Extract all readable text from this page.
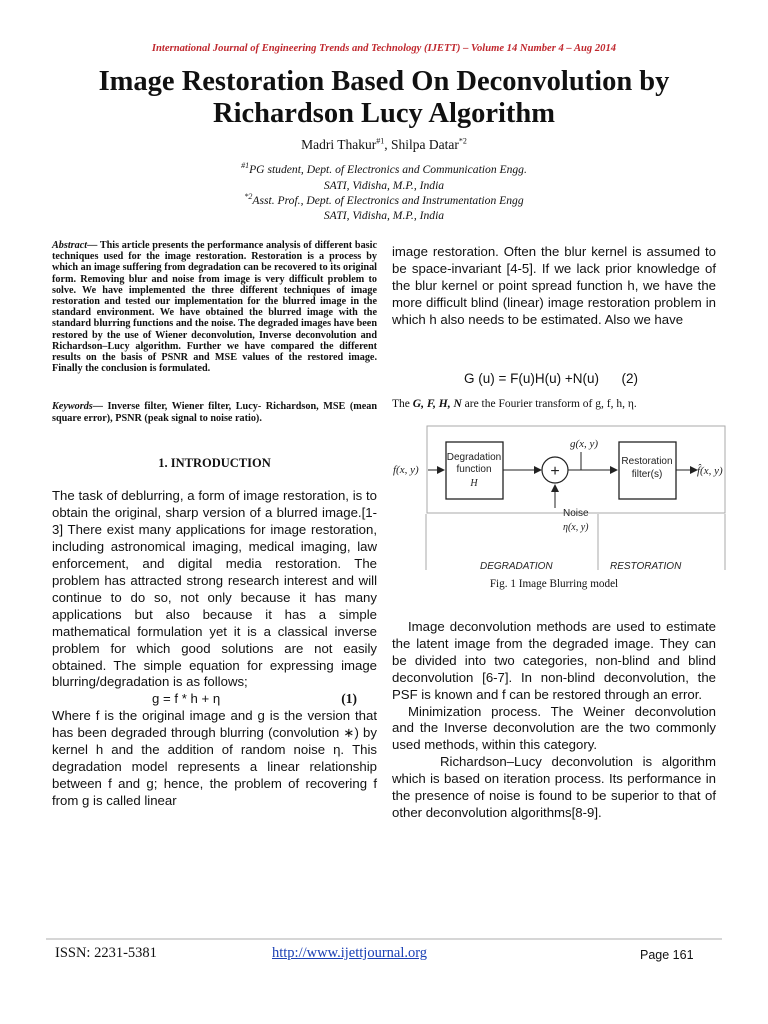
International Journal of Engineering Trends and Technology (IJETT) – Volume 14 Number 4 – Aug 2014
Image Restoration Based On Deconvolution by Richardson Lucy Algorithm
Madri Thakur$^{\#1}$, Shilpa Datar$^{*2}$
$^{\#1}$PG student, Dept. of Electronics and Communication Engg.
SATI, Vidisha, M.P., India
$^{*2}$Asst. Prof., Dept. of Electronics and Instrumentation Engg
SATI, Vidisha, M.P., India

Abstract— This article presents the performance analysis of different basic techniques used for the image restoration. Restoration is a process by which an image suffering from degradation can be recovered to its original form. Removing blur and noise from image is very difficult problem to solve. We have implemented the three different techniques of image restoration and tested our implementation for the blurred image in the standard environment. We have obtained the blurred image with the standard blurring functions and the noise. The degraded images have been restored by the use of Wiener deconvolution, Inverse deconvolution and Richardson–Lucy algorithm. Further we have compared the different results on the basis of PSNR and MSE values of the restored image. Finally the conclusion is formulated.

Keywords— Inverse filter, Wiener filter, Lucy- Richardson, MSE (mean square error), PSNR (peak signal to noise ratio).

1. INTRODUCTION

The task of deblurring, a form of image restoration, is to obtain the original, sharp version of a blurred image.[1-3] There exist many applications for image restoration, including astronomical imaging, medical imaging, law enforcement, and digital media restoration. The problem has attracted strong research interest and will continue to do so, not only because it has many applications but also because it has a simple mathematical formulation yet it is a classical inverse problem for which good solutions are not easily obtained. The simple equation for expressing image blurring/degradation is as follows;

g = f * h + η	(1)

Where f is the original image and g is the version that has been degraded through blurring (convolution ∗) by kernel h and the addition of random noise η. This degradation model represents a linear relationship between f and g; hence, the problem of recovering f from g is called linear

image restoration. Often the blur kernel is assumed to be space-invariant [4-5]. If we lack prior knowledge of the blur kernel or point spread function h, we have the more difficult blind (linear) image restoration problem in which h also needs to be estimated. Also we have

G (u) = F(u)H(u) +N(u) (2)
The G, F, H, N are the Fourier transform of g, f, h, η.
f(x, y)
Degradation
function
H
+
g(x, y)
Noise
η(x, y)
Restoration
filter(s)	f̂(x, y)
DEGRADATION	RESTORATION
Fig. 1 Image Blurring model

Image deconvolution methods are used to estimate the latent image from the degraded image. They can be divided into two categories, non-blind and blind deconvolution [6-7]. In non-blind deconvolution, the PSF is known and f can be restored through an error.

Minimization process. The Weiner deconvolution and the Inverse deconvolution are the two commonly used methods, within this category.

Richardson–Lucy deconvolution is algorithm which is based on iteration process. Its performance in the presence of noise is found to be superior to that of other deconvolution algorithms[8-9].

ISSN: 2231-5381	http://www.ijettjournal.org	Page 161
